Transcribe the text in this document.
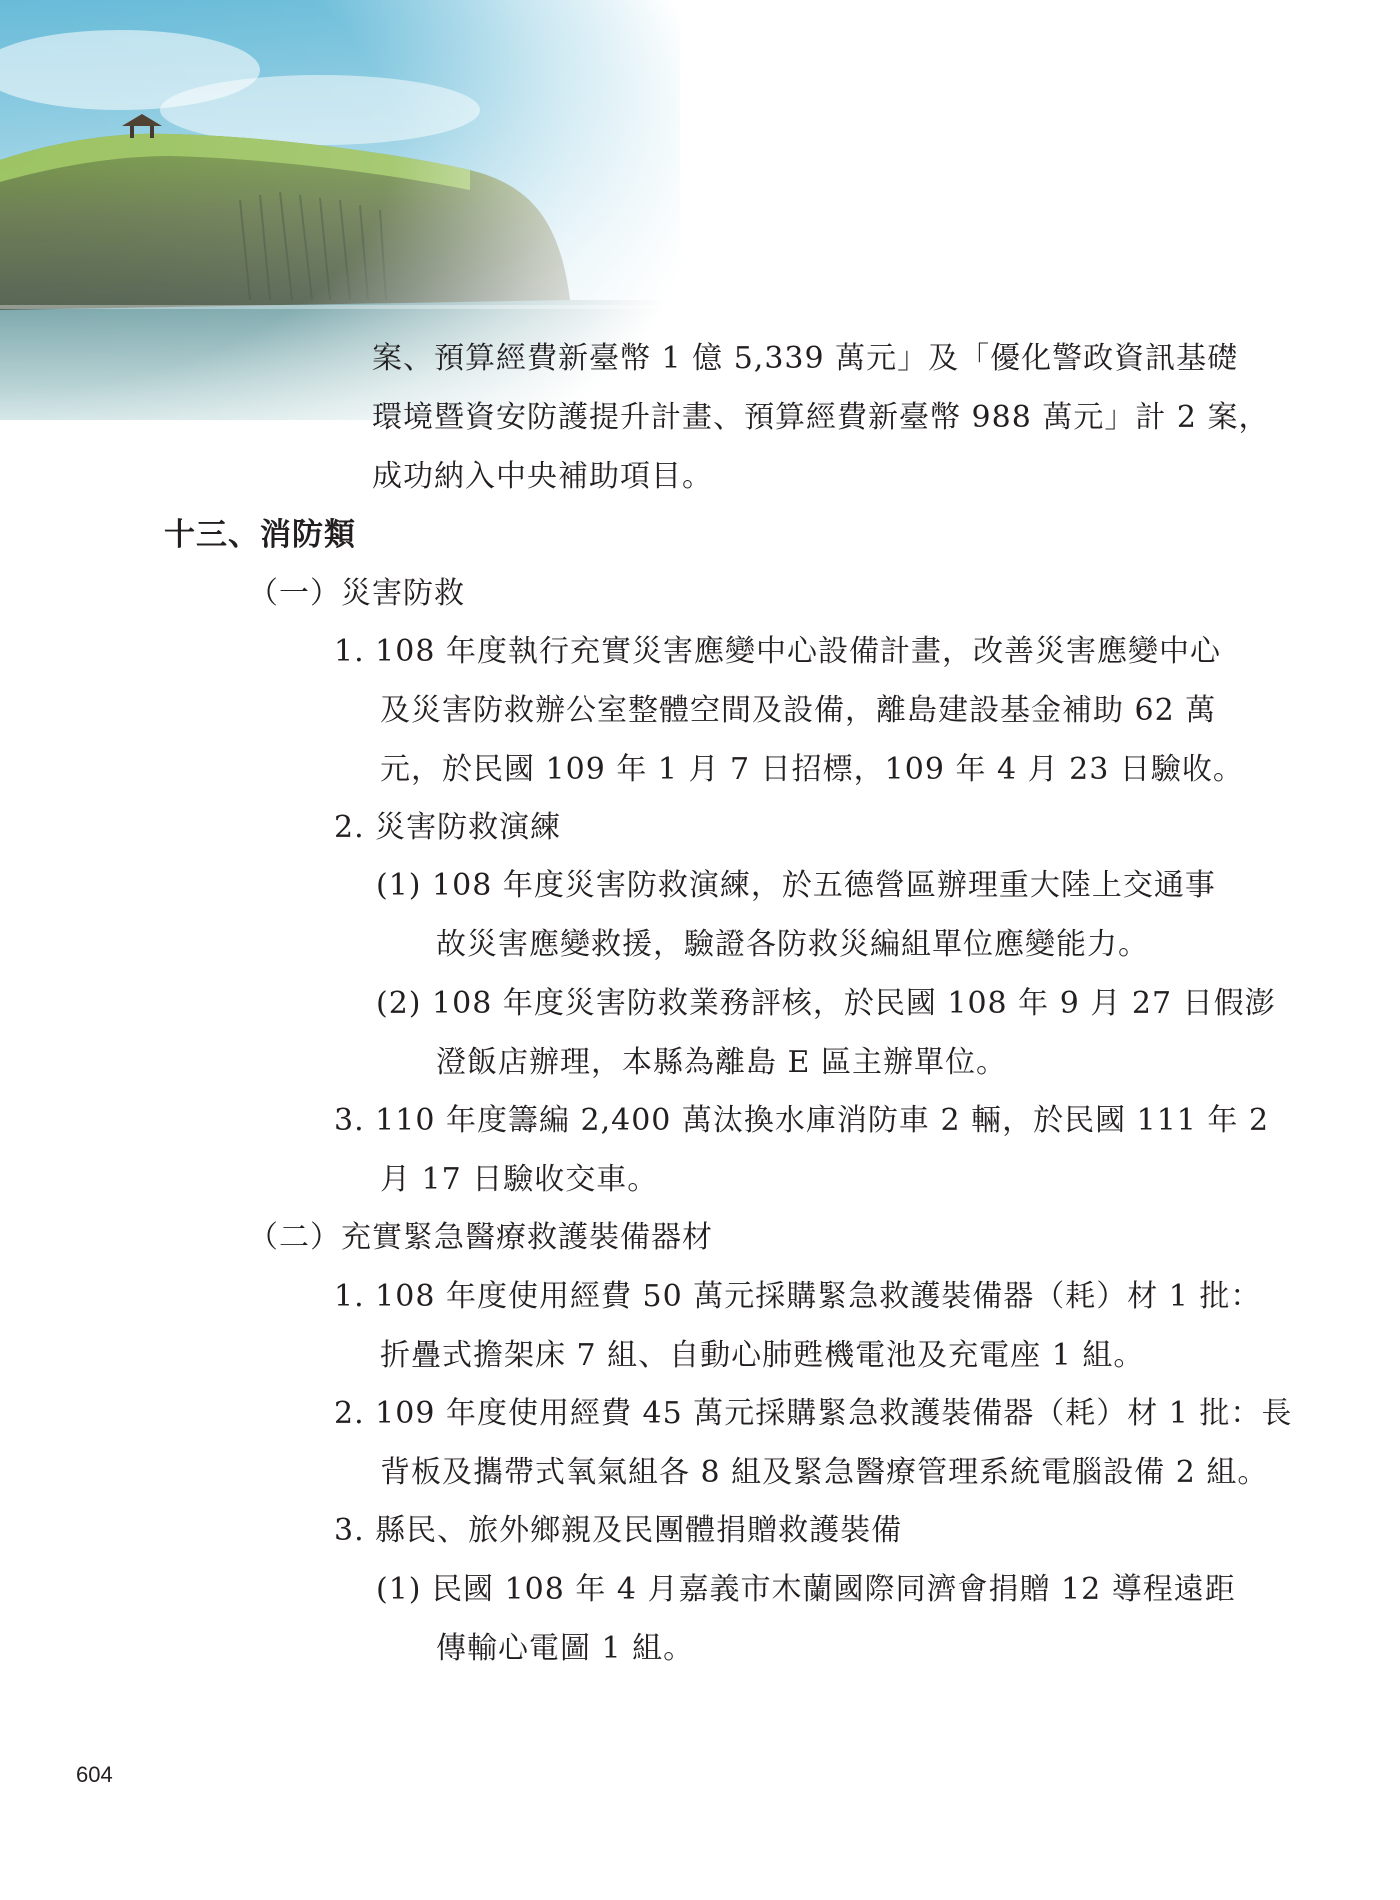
案、預算經費新臺幣 1 億 5,339 萬元」及「優化警政資訊基礎

環境暨資安防護提升計畫、預算經費新臺幣 988 萬元」計 2 案，

成功納入中央補助項目。

十三、消防類

（一）災害防救

1. 108 年度執行充實災害應變中心設備計畫，改善災害應變中心

及災害防救辦公室整體空間及設備，離島建設基金補助 62 萬

元，於民國 109 年 1 月 7 日招標，109 年 4 月 23 日驗收。

2. 災害防救演練

(1) 108 年度災害防救演練，於五德營區辦理重大陸上交通事

故災害應變救援，驗證各防救災編組單位應變能力。

(2) 108 年度災害防救業務評核，於民國 108 年 9 月 27 日假澎

澄飯店辦理，本縣為離島 E 區主辦單位。

3. 110 年度籌編 2,400 萬汰換水庫消防車 2 輛，於民國 111 年 2

月 17 日驗收交車。

（二）充實緊急醫療救護裝備器材

1. 108 年度使用經費 50 萬元採購緊急救護裝備器（耗）材 1 批：

折疊式擔架床 7 組、自動心肺甦機電池及充電座 1 組。

2. 109 年度使用經費 45 萬元採購緊急救護裝備器（耗）材 1 批：長

背板及攜帶式氧氣組各 8 組及緊急醫療管理系統電腦設備 2 組。

3. 縣民、旅外鄉親及民團體捐贈救護裝備

(1) 民國 108 年 4 月嘉義市木蘭國際同濟會捐贈 12 導程遠距

傳輸心電圖 1 組。

604
